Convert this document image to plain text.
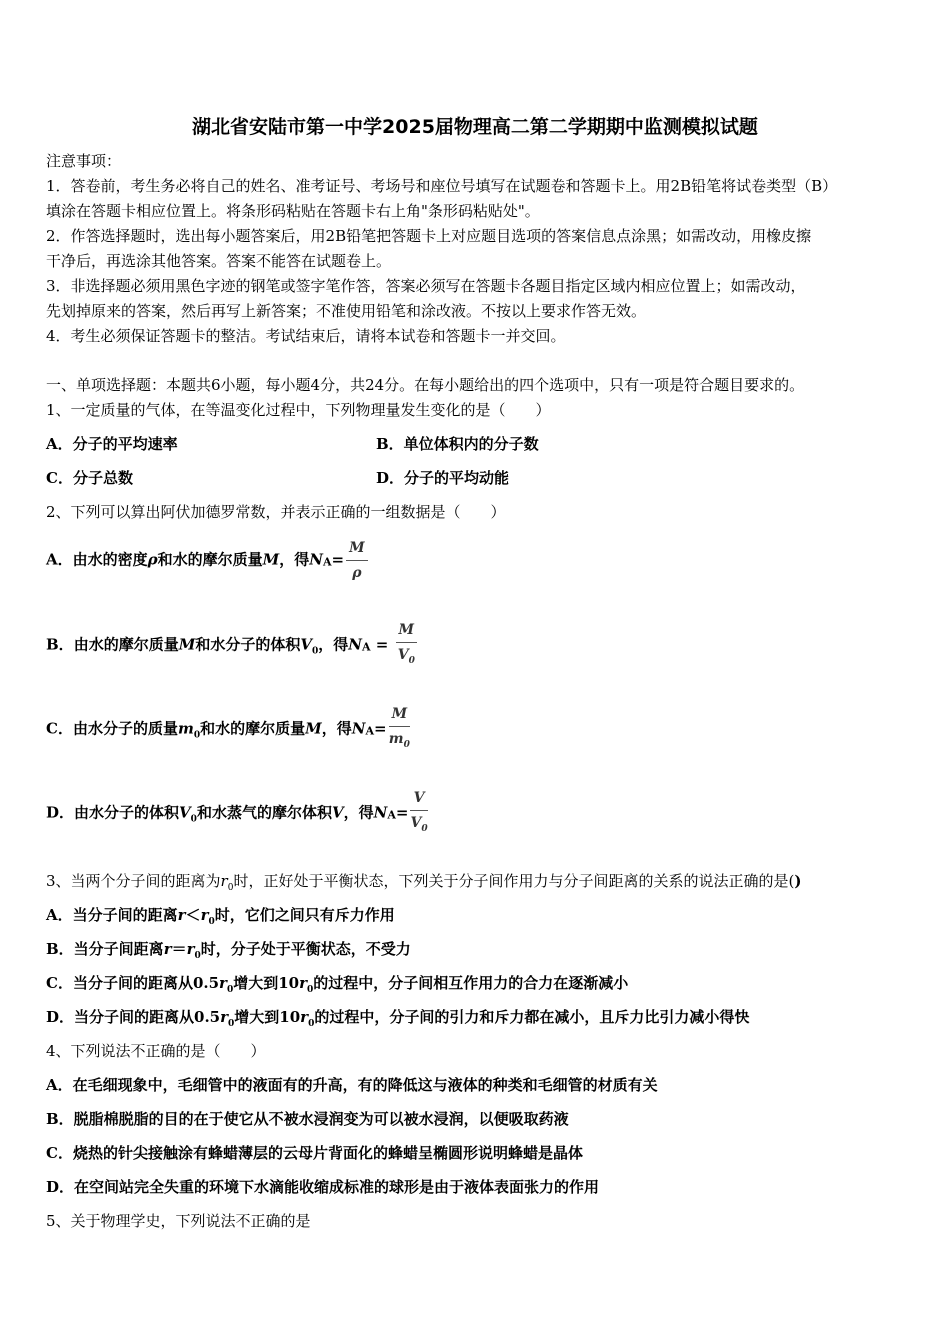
湖北省安陆市第一中学2025届物理高二第二学期期中监测模拟试题
注意事项：
1．答卷前，考生务必将自己的姓名、准考证号、考场号和座位号填写在试题卷和答题卡上。用2B铅笔将试卷类型（B）
填涂在答题卡相应位置上。将条形码粘贴在答题卡右上角"条形码粘贴处"。
2．作答选择题时，选出每小题答案后，用2B铅笔把答题卡上对应题目选项的答案信息点涂黑；如需改动，用橡皮擦
干净后，再选涂其他答案。答案不能答在试题卷上。
3．非选择题必须用黑色字迹的钢笔或签字笔作答，答案必须写在答题卡各题目指定区域内相应位置上；如需改动，
先划掉原来的答案，然后再写上新答案；不准使用铅笔和涂改液。不按以上要求作答无效。
4．考生必须保证答题卡的整洁。考试结束后，请将本试卷和答题卡一并交回。
一、单项选择题：本题共6小题，每小题4分，共24分。在每小题给出的四个选项中，只有一项是符合题目要求的。
1、一定质量的气体，在等温变化过程中，下列物理量发生变化的是（　　）
A．分子的平均速率	B．单位体积内的分子数
C．分子总数	D．分子的平均动能
2、下列可以算出阿伏加德罗常数，并表示正确的一组数据是（　　）
A．由水的密度ρ和水的摩尔质量M，得$NA= \frac{M}{\rho}$
B．由水的摩尔质量M和水分子的体积$V_0$，得NA = $\frac{M}{V_0}$
C．由水分子的质量$m_0$和水的摩尔质量M，得$NA= \frac{M}{m_0}$
D．由水分子的体积$V_0$和水蒸气的摩尔体积V，得$NA= \frac{V}{V_0}$
3、当两个分子间的距离为$r_0$时，正好处于平衡状态，下列关于分子间作用力与分子间距离的关系的说法正确的是()
A．当分子间的距离$r<r_0$时，它们之间只有斥力作用
B．当分子间距离$r=r_0$时，分子处于平衡状态，不受力
C．当分子间的距离从$0.5r_0$增大到$10r_0$的过程中，分子间相互作用力的合力在逐渐减小
D．当分子间的距离从$0.5r_0$增大到$10r_0$的过程中，分子间的引力和斥力都在减小，且斥力比引力减小得快
4、下列说法不正确的是（　　）
A．在毛细现象中，毛细管中的液面有的升高，有的降低这与液体的种类和毛细管的材质有关
B．脱脂棉脱脂的目的在于使它从不被水浸润变为可以被水浸润，以便吸取药液
C．烧热的针尖接触涂有蜂蜡薄层的云母片背面化的蜂蜡呈椭圆形说明蜂蜡是晶体
D．在空间站完全失重的环境下水滴能收缩成标准的球形是由于液体表面张力的作用
5、关于物理学史，下列说法不正确的是
